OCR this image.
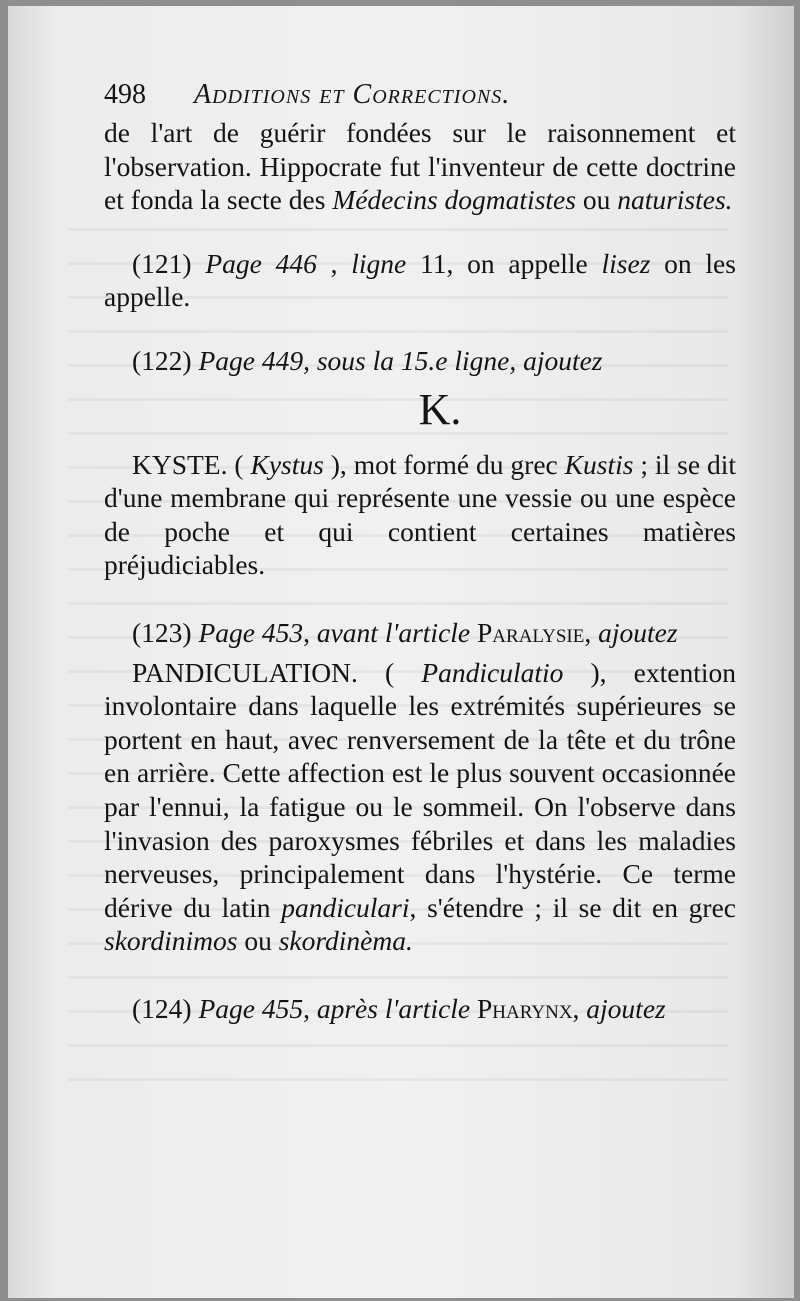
498	Additions et Corrections.

de l'art de guérir fondées sur le raisonnement et l'observation. Hippocrate fut l'inventeur de cette doctrine et fonda la secte des Médecins dogmatistes ou naturistes.

(121) Page 446 , ligne 11, on appelle lisez on les appelle.

(122) Page 449, sous la 15.e ligne, ajoutez

K.

KYSTE. ( Kystus ), mot formé du grec Kustis ; il se dit d'une membrane qui représente une vessie ou une espèce de poche et qui contient certaines matières préjudiciables.

(123) Page 453, avant l'article Paralysie, ajoutez

PANDICULATION. ( Pandiculatio ), extention involontaire dans laquelle les extrémités supérieures se portent en haut, avec renversement de la tête et du trône en arrière. Cette affection est le plus souvent occasionnée par l'ennui, la fatigue ou le sommeil. On l'observe dans l'invasion des paroxysmes fébriles et dans les maladies nerveuses, principalement dans l'hystérie. Ce terme dérive du latin pandiculari, s'étendre ; il se dit en grec skordinimos ou skordinèma.

(124) Page 455, après l'article Pharynx, ajoutez
